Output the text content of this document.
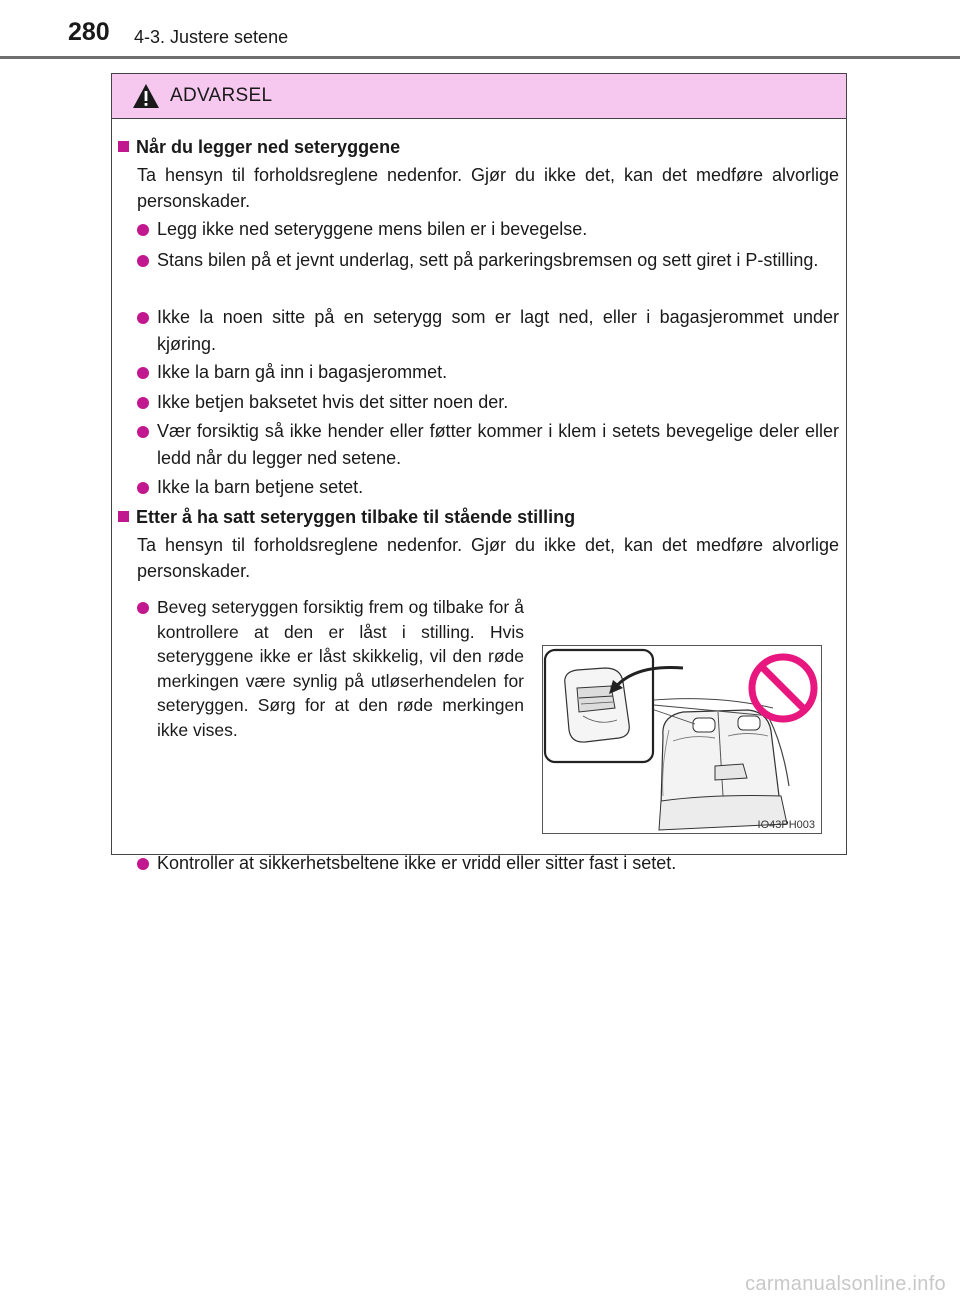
280 4-3. Justere setene
ADVARSEL
Når du legger ned seteryggene
Ta hensyn til forholdsreglene nedenfor. Gjør du ikke det, kan det medføre alvorlige personskader.
Legg ikke ned seteryggene mens bilen er i bevegelse.
Stans bilen på et jevnt underlag, sett på parkeringsbremsen og sett giret i P-stilling.
Ikke la noen sitte på en seterygg som er lagt ned, eller i bagasjerommet under kjøring.
Ikke la barn gå inn i bagasjerommet.
Ikke betjen baksetet hvis det sitter noen der.
Vær forsiktig så ikke hender eller føtter kommer i klem i setets bevegelige deler eller ledd når du legger ned setene.
Ikke la barn betjene setet.
Etter å ha satt seteryggen tilbake til stående stilling
Ta hensyn til forholdsreglene nedenfor. Gjør du ikke det, kan det medføre alvorlige personskader.
Beveg seteryggen forsiktig frem og tilbake for å kontrollere at den er låst i stilling. Hvis seteryggene ikke er låst skikkelig, vil den røde merkingen være synlig på utløserhendelen for seteryggen. Sørg for at den røde merkingen ikke vises.
IO43PH003
Kontroller at sikkerhetsbeltene ikke er vridd eller sitter fast i setet.
carmanualsonline.info
